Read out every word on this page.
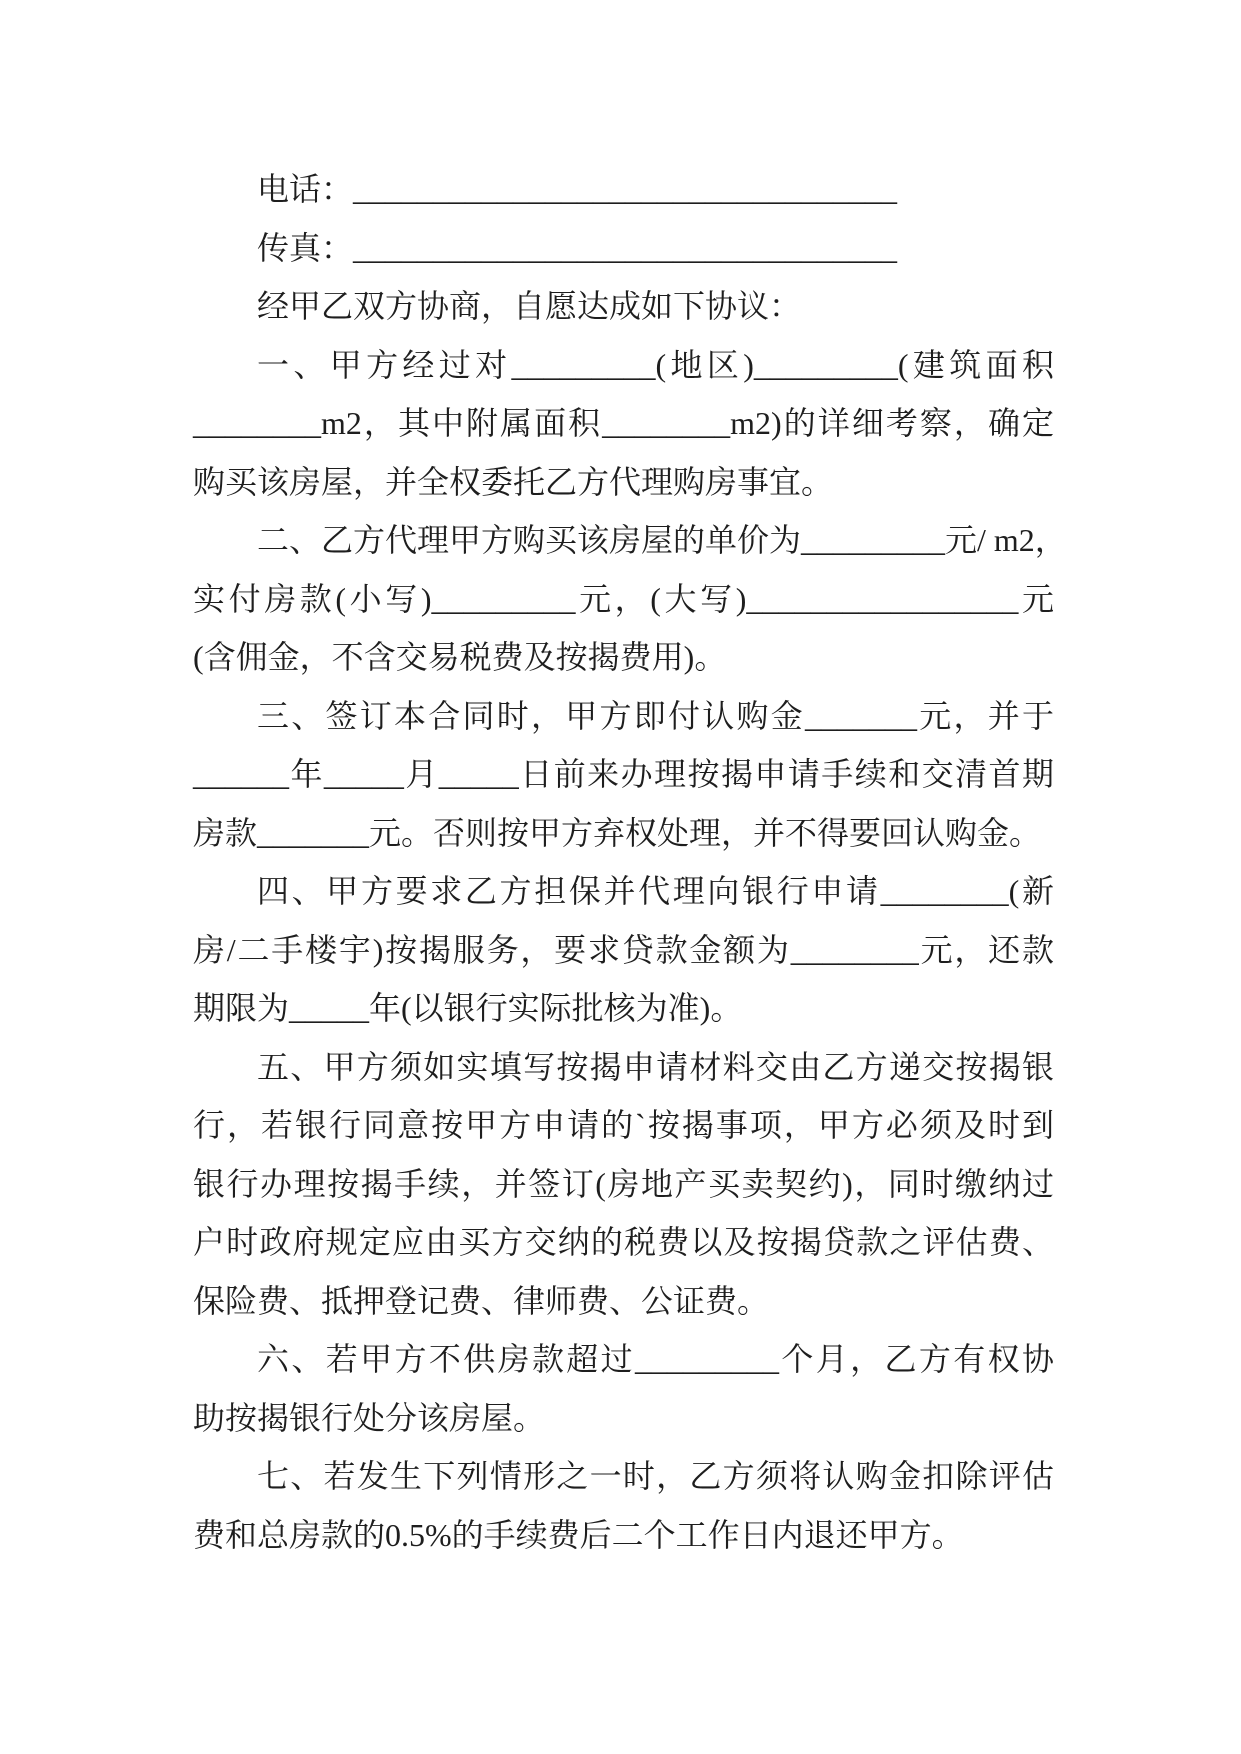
电话：__________________________________
传真：__________________________________
经甲乙双方协商，自愿达成如下协议：
一、甲方经过对_________(地区)_________(建筑面积
________m2，其中附属面积________m2)的详细考察，确定
购买该房屋，并全权委托乙方代理购房事宜。
二、乙方代理甲方购买该房屋的单价为_________元/ m2，
实付房款(小写)_________元，(大写)_________________元
(含佣金，不含交易税费及按揭费用)。
三、签订本合同时，甲方即付认购金_______元，并于
______年_____月_____日前来办理按揭申请手续和交清首期
房款_______元。否则按甲方弃权处理，并不得要回认购金。
四、甲方要求乙方担保并代理向银行申请________(新
房/二手楼宇)按揭服务，要求贷款金额为________元，还款
期限为_____年(以银行实际批核为准)。
五、甲方须如实填写按揭申请材料交由乙方递交按揭银
行，若银行同意按甲方申请的`按揭事项，甲方必须及时到
银行办理按揭手续，并签订(房地产买卖契约)，同时缴纳过
户时政府规定应由买方交纳的税费以及按揭贷款之评估费、
保险费、抵押登记费、律师费、公证费。
六、若甲方不供房款超过_________个月，乙方有权协
助按揭银行处分该房屋。
七、若发生下列情形之一时，乙方须将认购金扣除评估
费和总房款的0.5%的手续费后二个工作日内退还甲方。
